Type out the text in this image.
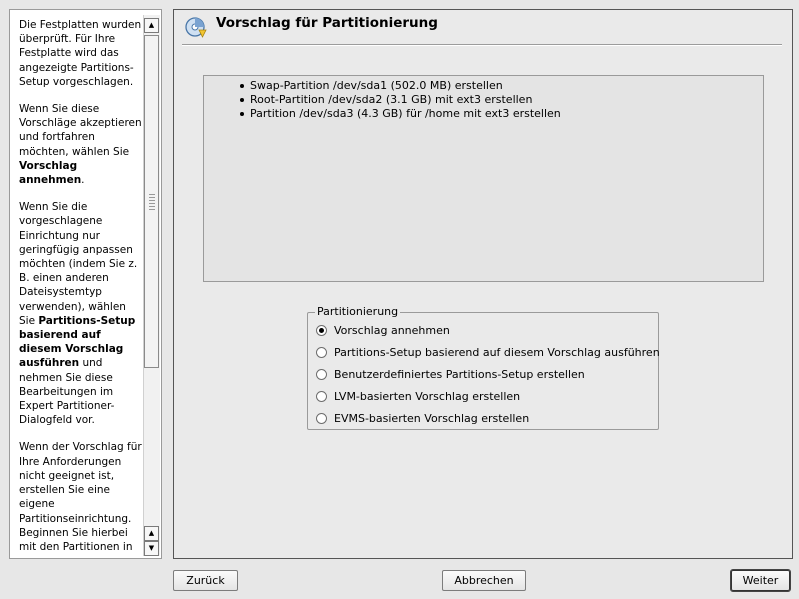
Die Festplatten wurden überprüft. Für Ihre Festplatte wird das angezeigte Partitions-Setup vorgeschlagen.

Wenn Sie diese Vorschläge akzeptieren und fortfahren möchten, wählen Sie Vorschlag annehmen.

Wenn Sie die vorgeschlagene Einrichtung nur geringfügig anpassen möchten (indem Sie z. B. einen anderen Dateisystemtyp verwenden), wählen Sie Partitions-Setup basierend auf diesem Vorschlag ausführen und nehmen Sie diese Bearbeitungen im Expert Partitioner-Dialogfeld vor.

Wenn der Vorschlag für Ihre Anforderungen nicht geeignet ist, erstellen Sie eine eigene Partitionseinrichtung. Beginnen Sie hierbei mit den Partitionen in

▲
▲
▼
Vorschlag für Partitionierung
Swap-Partition /dev/sda1 (502.0 MB) erstellen
Root-Partition /dev/sda2 (3.1 GB) mit ext3 erstellen
Partition /dev/sda3 (4.3 GB) für /home mit ext3 erstellen
Partitionierung
Vorschlag annehmen
Partitions-Setup basierend auf diesem Vorschlag ausführen
Benutzerdefiniertes Partitions-Setup erstellen
LVM-basierten Vorschlag erstellen
EVMS-basierten Vorschlag erstellen
Zurück	Abbrechen	Weiter
